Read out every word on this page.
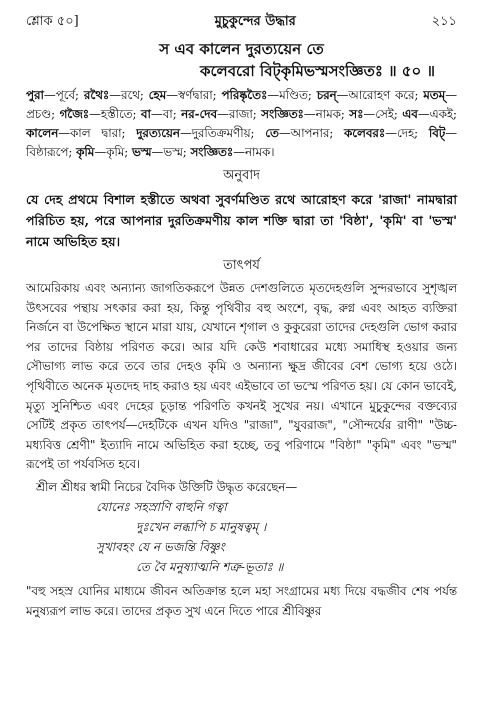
শ্লোক ৫০]	মুচুকুন্দের উদ্ধার	২১১
স এব কালেন দুরত্যয়েন তে
কলেবরো বিট্‌কৃমিভস্মসংজ্ঞিতঃ ॥ ৫০ ॥

পুরা—পূর্বে; রথৈঃ—রথে; হেম—স্বর্ণদ্বারা; পরিষ্কৃতৈঃ—মণ্ডিত; চরন্—আরোহণ করে; মতম্—প্রচণ্ড; গজৈঃ—হস্তীতে; বা—বা; নর-দেব—রাজা; সংজ্ঞিতঃ—নামক; সঃ—সেই; এব—একই; কালেন—কাল দ্বারা; দুরত্যয়েন—দুরতিক্রমণীয়; তে—আপনার; কলেবরঃ—দেহ; বিট্—বিষ্ঠারূপে; কৃমি—কৃমি; ভস্ম—ভস্ম; সংজ্ঞিতঃ—নামক।

অনুবাদ

যে দেহ প্রথমে বিশাল হস্তীতে অথবা সুবর্ণমণ্ডিত রথে আরোহণ করে 'রাজা' নামদ্বারা পরিচিত হয়, পরে আপনার দুরতিক্রমণীয় কাল শক্তি দ্বারা তা 'বিষ্ঠা', 'কৃমি' বা 'ভস্ম' নামে অভিহিত হয়।

তাৎপর্য

আমেরিকায় এবং অন্যান্য জাগতিকরূপে উন্নত দেশগুলিতে মৃতদেহগুলি সুন্দরভাবে সুশৃঙ্খল উৎসবের পন্থায় সৎকার করা হয়, কিন্তু পৃথিবীর বহু অংশে, বৃদ্ধ, রুগ্ন এবং আহত ব্যক্তিরা নির্জনে বা উপেক্ষিত স্থানে মারা যায়, যেখানে শৃগাল ও কুকুরেরা তাদের দেহগুলি ভোগ করার পর তাদের বিষ্ঠায় পরিণত করে। আর যদি কেউ শবাধারের মধ্যে সমাধিস্থ হওয়ার জন্য সৌভাগ্য লাভ করে তবে তার দেহও কৃমি ও অন্যান্য ক্ষুদ্র জীবের বেশ ভোগ্য হয়ে ওঠে। পৃথিবীতে অনেক মৃতদেহ দাহ করাও হয় এবং এইভাবে তা ভস্মে পরিণত হয়। যে কোন ভাবেই, মৃত্যু সুনিশ্চিত এবং দেহের চূড়ান্ত পরিণতি কখনই সুখের নয়। এখানে মুচুকুন্দের বক্তব্যের সেটিই প্রকৃত তাৎপর্য—দেহটিকে এখন যদিও "রাজা", "যুবরাজ", "সৌন্দর্যের রাণী" "উচ্চ-মধ্যবিত্ত শ্রেণী" ইত্যাদি নামে অভিহিত করা হচ্ছে, তবু পরিণামে "বিষ্ঠা" "কৃমি" এবং "ভস্ম" রূপেই তা পর্যবসিত হবে।

শ্রীল শ্রীধর স্বামী নিচের বৈদিক উক্তিটি উদ্ধৃত করেছেন—
যোনেঃ সহস্রাণি বাহুনি গত্বা
দুঃখেন লব্ধাপি চ মানুষত্বম্ ।
সুখাবহং যে ন ভজন্তি বিষ্ণুং
তে বৈ মনুষ্যাত্মনি শত্রু-ভূতাঃ ॥

"বহু সহস্র যোনির মাধ্যমে জীবন অতিক্রান্ত হলে মহা সংগ্রামের মধ্য দিয়ে বদ্ধজীব শেষ পর্যন্ত মনুষ্যরূপ লাভ করে। তাদের প্রকৃত সুখ এনে দিতে পারে শ্রীবিষ্ণুর
